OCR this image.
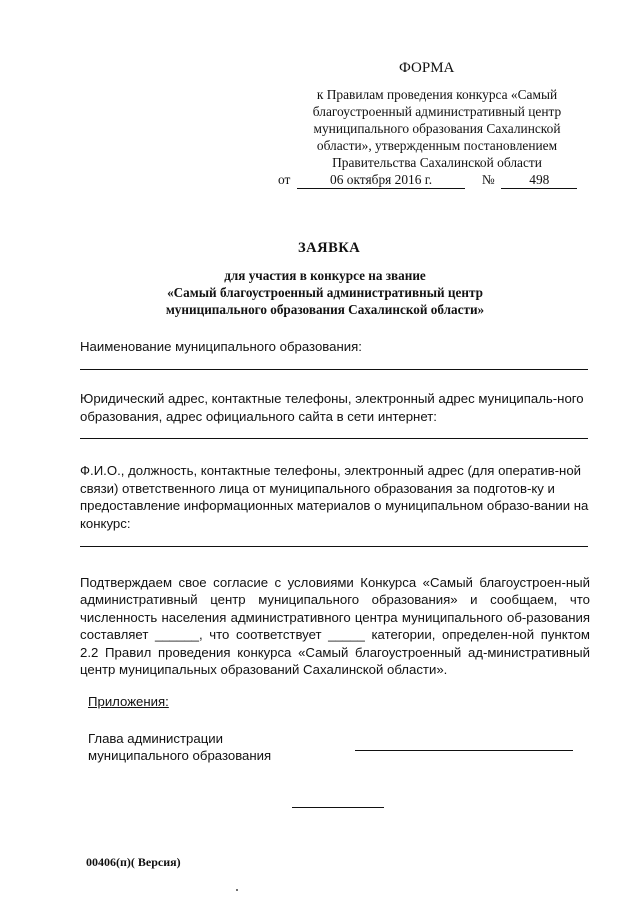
ФОРМА
к Правилам проведения конкурса «Самый
благоустроенный административный центр
муниципального образования Сахалинской
области», утвержденным постановлением
Правительства Сахалинской области
от	06 октября 2016 г.	№	498
ЗАЯВКА
для участия в конкурсе на звание
«Самый благоустроенный административный центр
муниципального образования Сахалинской области»
Наименование муниципального образования:
Юридический адрес, контактные телефоны, электронный адрес муниципаль-ного образования, адрес официального сайта в сети интернет:
Ф.И.О., должность, контактные телефоны, электронный адрес (для оператив-ной связи) ответственного лица от муниципального образования за подготов-ку и предоставление информационных материалов о муниципальном образо-вании на конкурс:
Подтверждаем свое согласие с условиями Конкурса «Самый благоустроен-ный административный центр муниципального образования» и сообщаем, что численность населения административного центра муниципального об-разования составляет ______, что соответствует _____ категории, определен-ной пунктом 2.2 Правил проведения конкурса «Самый благоустроенный ад-министративный центр муниципальных образований Сахалинской области».
Приложения:
Глава администрации
муниципального образования
00406(п)( Версия)
